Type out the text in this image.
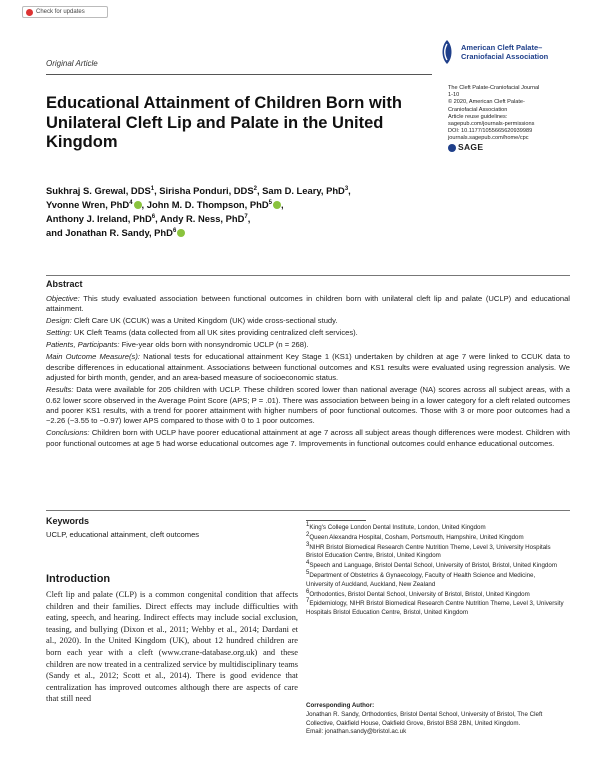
Check for updates
Original Article
American Cleft Palate–
Craniofacial Association
The Cleft Palate-Craniofacial Journal
1-10
© 2020, American Cleft Palate-
Craniofacial Association
Article reuse guidelines:
sagepub.com/journals-permissions
DOI: 10.1177/1055665620939989
journals.sagepub.com/home/cpc
SAGE
Educational Attainment of Children Born with Unilateral Cleft Lip and Palate in the United Kingdom
Sukhraj S. Grewal, DDS$^1$, Sirisha Ponduri, DDS$^2$, Sam D. Leary, PhD$^3$,
Yvonne Wren, PhD$^4$ , John M. D. Thompson, PhD$^5$ ,
Anthony J. Ireland, PhD$^6$, Andy R. Ness, PhD$^7$,
and Jonathan R. Sandy, PhD$^6$
Abstract

Objective: This study evaluated association between functional outcomes in children born with unilateral cleft lip and palate (UCLP) and educational attainment.

Design: Cleft Care UK (CCUK) was a United Kingdom (UK) wide cross-sectional study.

Setting: UK Cleft Teams (data collected from all UK sites providing centralized cleft services).

Patients, Participants: Five-year olds born with nonsyndromic UCLP (n = 268).

Main Outcome Measure(s): National tests for educational attainment Key Stage 1 (KS1) undertaken by children at age 7 were linked to CCUK data to describe differences in educational attainment. Associations between functional outcomes and KS1 results were evaluated using regression analysis. We adjusted for birth month, gender, and an area-based measure of socioeconomic status.

Results: Data were available for 205 children with UCLP. These children scored lower than national average (NA) scores across all subject areas, with a 0.62 lower score observed in the Average Point Score (APS; P = .01). There was association between being in a lower category for a cleft related outcomes and poorer KS1 results, with a trend for poorer attainment with higher numbers of poor functional outcomes. Those with 3 or more poor outcomes had a −2.26 (−3.55 to −0.97) lower APS compared to those with 0 to 1 poor outcomes.

Conclusions: Children born with UCLP have poorer educational attainment at age 7 across all subject areas though differences were modest. Children with poor functional outcomes at age 5 had worse educational outcomes age 7. Improvements in functional outcomes could enhance educational outcomes.

Keywords
UCLP, educational attainment, cleft outcomes
Introduction

Cleft lip and palate (CLP) is a common congenital condition that affects children and their families. Direct effects may include difficulties with eating, speech, and hearing. Indirect effects may include social exclusion, teasing, and bullying (Dixon et al., 2011; Wehby et al., 2014; Dardani et al., 2020). In the United Kingdom (UK), about 12 hundred children are born each year with a cleft (www.crane-database.org.uk) and these children are now treated in a centralized service by multidisciplinary teams (Sandy et al., 2012; Scott et al., 2014). There is good evidence that centralization has improved outcomes although there are aspects of care that still need

$^1$King's College London Dental Institute, London, United Kingdom
$^2$Queen Alexandra Hospital, Cosham, Portsmouth, Hampshire, United Kingdom
$^3$NIHR Bristol Biomedical Research Centre Nutrition Theme, Level 3, University Hospitals Bristol Education Centre, Bristol, United Kingdom
$^4$Speech and Language, Bristol Dental School, University of Bristol, Bristol, United Kingdom
$^5$Department of Obstetrics & Gynaecology, Faculty of Health Science and Medicine, University of Auckland, Auckland, New Zealand
$^6$Orthodontics, Bristol Dental School, University of Bristol, Bristol, United Kingdom
$^7$Epidemiology, NIHR Bristol Biomedical Research Centre Nutrition Theme, Level 3, University Hospitals Bristol Education Centre, Bristol, United Kingdom
Corresponding Author:
Jonathan R. Sandy, Orthodontics, Bristol Dental School, University of Bristol, The Cleft Collective, Oakfield House, Oakfield Grove, Bristol BS8 2BN, United Kingdom.
Email: jonathan.sandy@bristol.ac.uk
